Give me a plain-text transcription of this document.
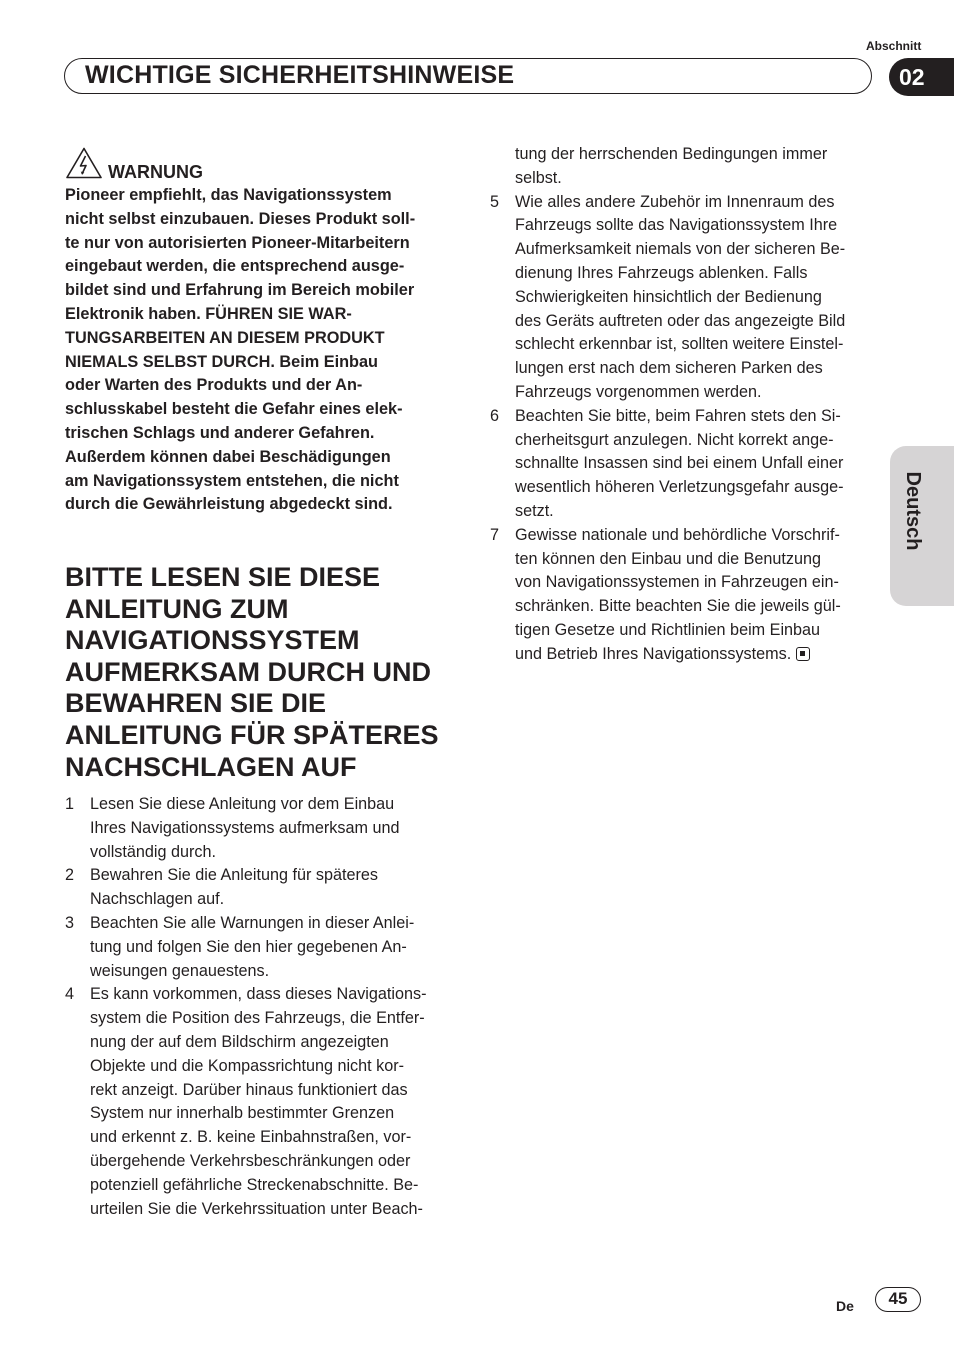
Abschnitt
WICHTIGE SICHERHEITSHINWEISE	02
Deutsch
WARNUNG
Pioneer empfiehlt, das Navigationssystem
nicht selbst einzubauen. Dieses Produkt soll-
te nur von autorisierten Pioneer-Mitarbeitern
eingebaut werden, die entsprechend ausge-
bildet sind und Erfahrung im Bereich mobiler
Elektronik haben. FÜHREN SIE WAR-
TUNGSARBEITEN AN DIESEM PRODUKT
NIEMALS SELBST DURCH. Beim Einbau
oder Warten des Produkts und der An-
schlusskabel besteht die Gefahr eines elek-
trischen Schlags und anderer Gefahren.
Außerdem können dabei Beschädigungen
am Navigationssystem entstehen, die nicht
durch die Gewährleistung abgedeckt sind.
BITTE LESEN SIE DIESE
ANLEITUNG ZUM
NAVIGATIONSSYSTEM
AUFMERKSAM DURCH UND
BEWAHREN SIE DIE
ANLEITUNG FÜR SPÄTERES
NACHSCHLAGEN AUF
1 Lesen Sie diese Anleitung vor dem Einbau
Ihres Navigationssystems aufmerksam und
vollständig durch.
2 Bewahren Sie die Anleitung für späteres
Nachschlagen auf.
3 Beachten Sie alle Warnungen in dieser Anlei-
tung und folgen Sie den hier gegebenen An-
weisungen genauestens.
4 Es kann vorkommen, dass dieses Navigations-
system die Position des Fahrzeugs, die Entfer-
nung der auf dem Bildschirm angezeigten
Objekte und die Kompassrichtung nicht kor-
rekt anzeigt. Darüber hinaus funktioniert das
System nur innerhalb bestimmter Grenzen
und erkennt z. B. keine Einbahnstraßen, vor-
übergehende Verkehrsbeschränkungen oder
potenziell gefährliche Streckenabschnitte. Be-
urteilen Sie die Verkehrssituation unter Beach-
tung der herrschenden Bedingungen immer
selbst.
5 Wie alles andere Zubehör im Innenraum des
Fahrzeugs sollte das Navigationssystem Ihre
Aufmerksamkeit niemals von der sicheren Be-
dienung Ihres Fahrzeugs ablenken. Falls
Schwierigkeiten hinsichtlich der Bedienung
des Geräts auftreten oder das angezeigte Bild
schlecht erkennbar ist, sollten weitere Einstel-
lungen erst nach dem sicheren Parken des
Fahrzeugs vorgenommen werden.
6 Beachten Sie bitte, beim Fahren stets den Si-
cherheitsgurt anzulegen. Nicht korrekt ange-
schnallte Insassen sind bei einem Unfall einer
wesentlich höheren Verletzungsgefahr ausge-
setzt.
7 Gewisse nationale und behördliche Vorschrif-
ten können den Einbau und die Benutzung
von Navigationssystemen in Fahrzeugen ein-
schränken. Bitte beachten Sie die jeweils gül-
tigen Gesetze und Richtlinien beim Einbau
und Betrieb Ihres Navigationssystems.
De	45
